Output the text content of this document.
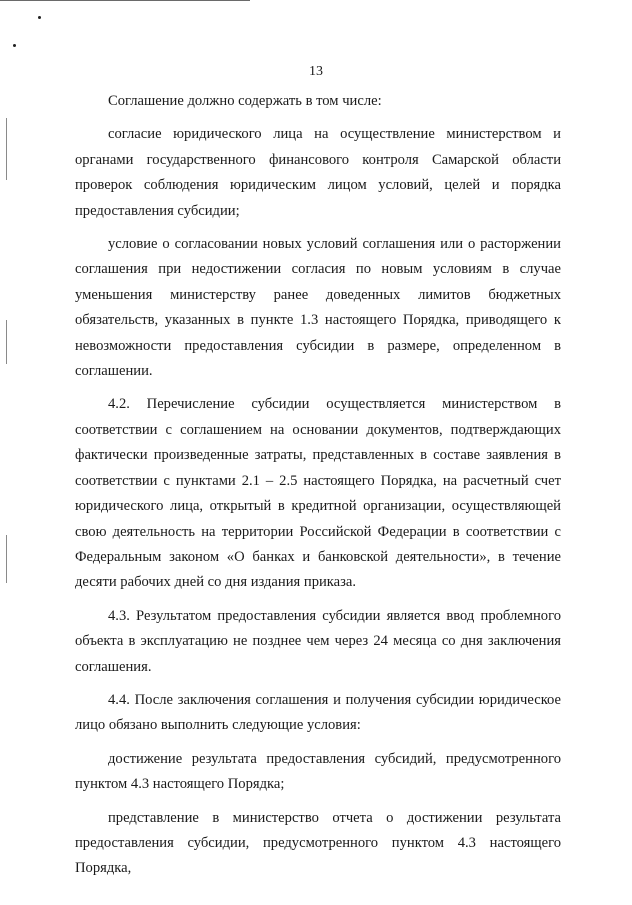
13

Соглашение должно содержать в том числе:

согласие юридического лица на осуществление министерством и органами государственного финансового контроля Самарской области проверок соблюдения юридическим лицом условий, целей и порядка предоставления субсидии;

условие о согласовании новых условий соглашения или о расторжении соглашения при недостижении согласия по новым условиям в случае уменьшения министерству ранее доведенных лимитов бюджетных обязательств, указанных в пункте 1.3 настоящего Порядка, приводящего к невозможности предоставления субсидии в размере, определенном в соглашении.

4.2. Перечисление субсидии осуществляется министерством в соответствии с соглашением на основании документов, подтверждающих фактически произведенные затраты, представленных в составе заявления в соответствии с пунктами 2.1 – 2.5 настоящего Порядка, на расчетный счет юридического лица, открытый в кредитной организации, осуществляющей свою деятельность на территории Российской Федерации в соответствии с Федеральным законом «О банках и банковской деятельности», в течение десяти рабочих дней со дня издания приказа.

4.3. Результатом предоставления субсидии является ввод проблемного объекта в эксплуатацию не позднее чем через 24 месяца со дня заключения соглашения.

4.4. После заключения соглашения и получения субсидии юридическое лицо обязано выполнить следующие условия:

достижение результата предоставления субсидий, предусмотренного пунктом 4.3 настоящего Порядка;

представление в министерство отчета о достижении результата предоставления субсидии, предусмотренного пунктом 4.3 настоящего Порядка,
